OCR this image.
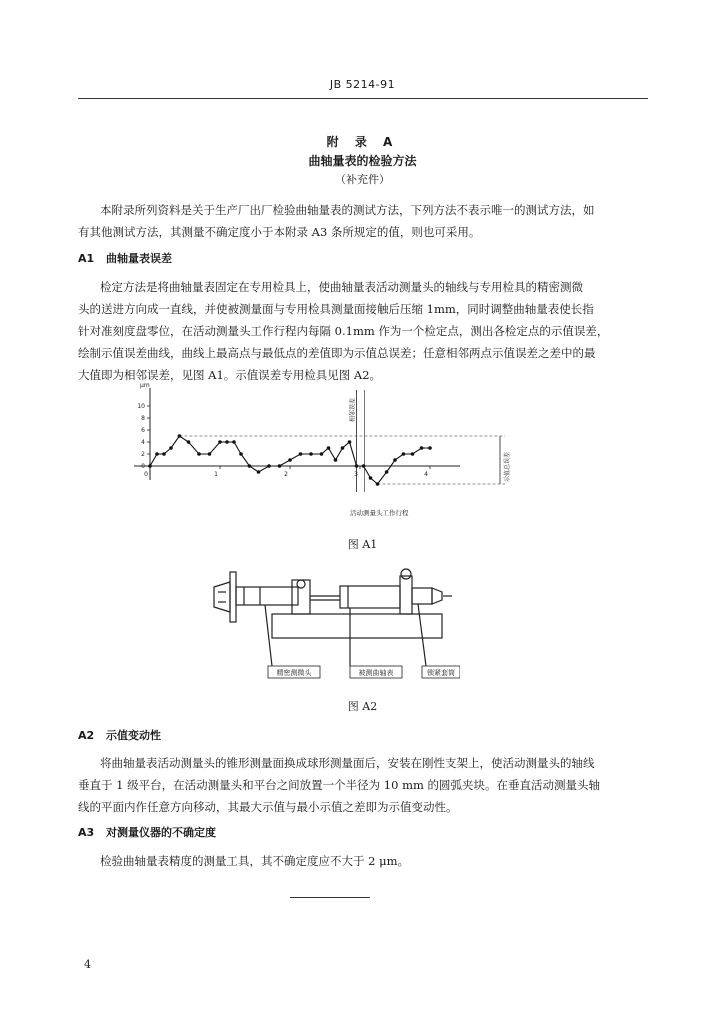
JB 5214-91
附 录 A
曲轴量表的检验方法
（补充件）
本附录所列资料是关于生产厂出厂检验曲轴量表的测试方法，下列方法不表示唯一的测试方法，如
有其他测试方法，其测量不确定度小于本附录 A3 条所规定的值，则也可采用。
A1 曲轴量表误差
检定方法是将曲轴量表固定在专用检具上，使曲轴量表活动测量头的轴线与专用检具的精密测微
头的送进方向成一直线，并使被测量面与专用检具测量面接触后压缩 1mm，同时调整曲轴量表使长指
针对准刻度盘零位，在活动测量头工作行程内每隔 0.1mm 作为一个检定点，测出各检定点的示值误差，
绘制示值误差曲线，曲线上最高点与最低点的差值即为示值总误差；任意相邻两点示值误差之差中的最
大值即为相邻误差，见图 A1。示值误差专用检具见图 A2。
μm
10
8
6
4
2
0
0	1	2	3	4	示值总误差
相邻误差
活动测量头工作行程
图 A1
精密测微头	被测曲轴表	锁紧套筒
图 A2
A2 示值变动性
将曲轴量表活动测量头的锥形测量面换成球形测量面后，安装在刚性支架上，使活动测量头的轴线
垂直于 1 级平台，在活动测量头和平台之间放置一个半径为 10 mm 的圆弧夹块。在垂直活动测量头轴
线的平面内作任意方向移动，其最大示值与最小示值之差即为示值变动性。
A3 对测量仪器的不确定度
检验曲轴量表精度的测量工具，其不确定度应不大于 2 μm。
4
